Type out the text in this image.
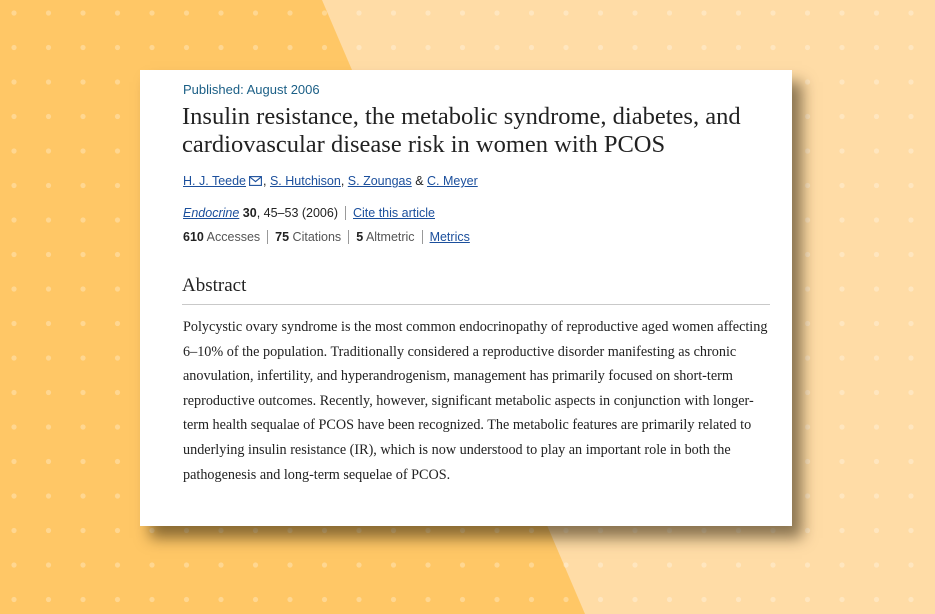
Published: August 2006
Insulin resistance, the metabolic syndrome, diabetes, and cardiovascular disease risk in women with PCOS
H. J. Teede , S. Hutchison, S. Zoungas & C. Meyer
Endocrine 30, 45–53 (2006) Cite this article
610 Accesses 75 Citations 5 Altmetric Metrics
Abstract

Polycystic ovary syndrome is the most common endocrinopathy of reproductive aged women affecting 6–10% of the population. Traditionally considered a reproductive disorder manifesting as chronic anovulation, infertility, and hyperandrogenism, management has primarily focused on short-term reproductive outcomes. Recently, however, significant metabolic aspects in conjunction with longer-term health sequalae of PCOS have been recognized. The metabolic features are primarily related to underlying insulin resistance (IR), which is now understood to play an important role in both the pathogenesis and long-term sequelae of PCOS.
